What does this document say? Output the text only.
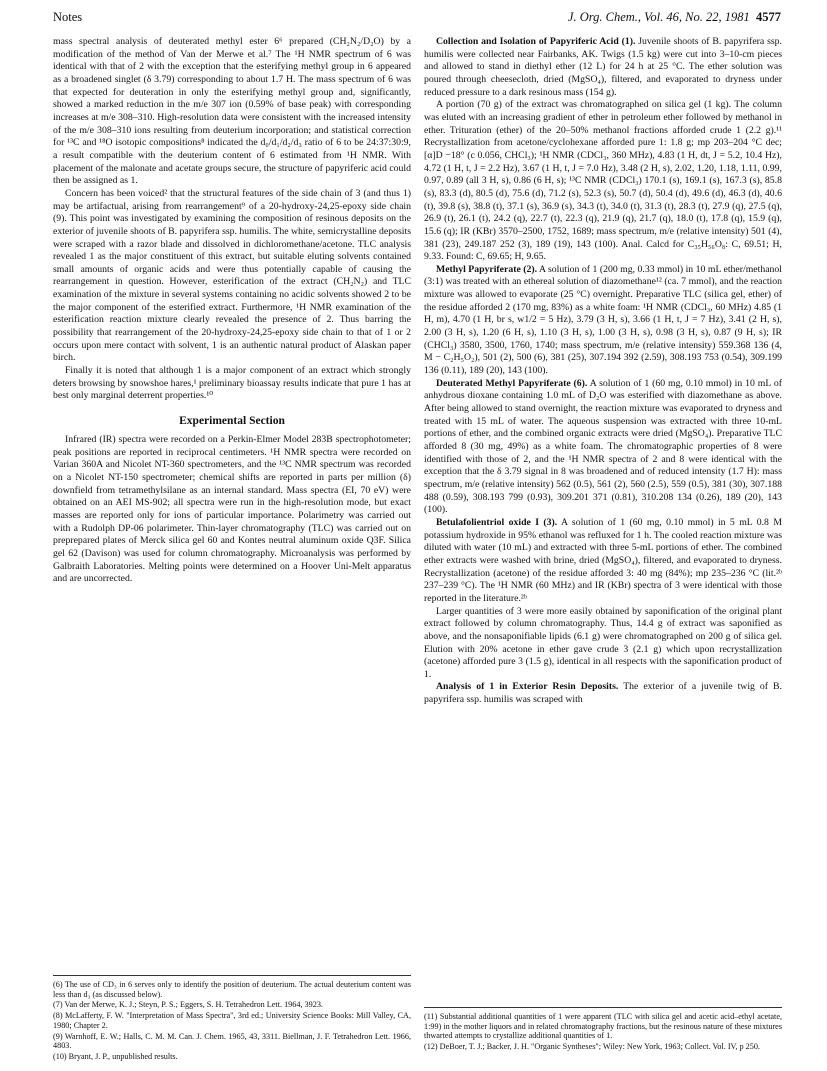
Notes	J. Org. Chem., Vol. 46, No. 22, 1981 4577

mass spectral analysis of deuterated methyl ester 6⁶ prepared (CH₂N₂/D₂O) by a modification of the method of Van der Merwe et al.⁷ The ¹H NMR spectrum of 6 was identical with that of 2 with the exception that the esterifying methyl group in 6 appeared as a broadened singlet (δ 3.79) corresponding to about 1.7 H. The mass spectrum of 6 was that expected for deuteration in only the esterifying methyl group and, significantly, showed a marked reduction in the m/e 307 ion (0.59% of base peak) with corresponding increases at m/e 308–310. High-resolution data were consistent with the increased intensity of the m/e 308–310 ions resulting from deuterium incorporation; and statistical correction for ¹³C and ¹⁸O isotopic compositions⁸ indicated the d₀/d₁/d₂/d₃ ratio of 6 to be 24:37:30:9, a result compatible with the deuterium content of 6 estimated from ¹H NMR. With placement of the malonate and acetate groups secure, the structure of papyriferic acid could then be assigned as 1.

Concern has been voiced² that the structural features of the side chain of 3 (and thus 1) may be artifactual, arising from rearrangement⁹ of a 20-hydroxy-24,25-epoxy side chain (9). This point was investigated by examining the composition of resinous deposits on the exterior of juvenile shoots of B. papyrifera ssp. humilis. The white, semicrystalline deposits were scraped with a razor blade and dissolved in dichloromethane/acetone. TLC analysis revealed 1 as the major constituent of this extract, but suitable eluting solvents contained small amounts of organic acids and were thus potentially capable of causing the rearrangement in question. However, esterification of the extract (CH₂N₂) and TLC examination of the mixture in several systems containing no acidic solvents showed 2 to be the major component of the esterified extract. Furthermore, ¹H NMR examination of the esterification reaction mixture clearly revealed the presence of 2. Thus barring the possibility that rearrangement of the 20-hydroxy-24,25-epoxy side chain to that of 1 or 2 occurs upon mere contact with solvent, 1 is an authentic natural product of Alaskan paper birch.

Finally it is noted that although 1 is a major component of an extract which strongly deters browsing by snowshoe hares,¹ preliminary bioassay results indicate that pure 1 has at best only marginal deterrent properties.¹⁰

Experimental Section

Infrared (IR) spectra were recorded on a Perkin-Elmer Model 283B spectrophotometer; peak positions are reported in reciprocal centimeters. ¹H NMR spectra were recorded on Varian 360A and Nicolet NT-360 spectrometers, and the ¹³C NMR spectrum was recorded on a Nicolet NT-150 spectrometer; chemical shifts are reported in parts per million (δ) downfield from tetramethylsilane as an internal standard. Mass spectra (EI, 70 eV) were obtained on an AEI MS-902; all spectra were run in the high-resolution mode, but exact masses are reported only for ions of particular importance. Polarimetry was carried out with a Rudolph DP-06 polarimeter. Thin-layer chromatography (TLC) was carried out on preprepared plates of Merck silica gel 60 and Kontes neutral aluminum oxide Q3F. Silica gel 62 (Davison) was used for column chromatography. Microanalysis was performed by Galbraith Laboratories. Melting points were determined on a Hoover Uni-Melt apparatus and are uncorrected.

(6) The use of CD₃ in 6 serves only to identify the position of deuterium. The actual deuterium content was less than d₃ (as discussed below).

(7) Van der Merwe, K. J.; Steyn, P. S.; Eggers, S. H. Tetrahedron Lett. 1964, 3923.

(8) McLafferty, F. W. "Interpretation of Mass Spectra", 3rd ed.; University Science Books: Mill Valley, CA, 1980; Chapter 2.

(9) Warnhoff, E. W.; Halls, C. M. M. Can. J. Chem. 1965, 43, 3311. Biellman, J. F. Tetrahedron Lett. 1966, 4803.

(10) Bryant, J. P., unpublished results.

Collection and Isolation of Papyriferic Acid (1). Juvenile shoots of B. papyrifera ssp. humilis were collected near Fairbanks, AK. Twigs (1.5 kg) were cut into 3–10-cm pieces and allowed to stand in diethyl ether (12 L) for 24 h at 25 °C. The ether solution was poured through cheesecloth, dried (MgSO₄), filtered, and evaporated to dryness under reduced pressure to a dark resinous mass (154 g).

A portion (70 g) of the extract was chromatographed on silica gel (1 kg). The column was eluted with an increasing gradient of ether in petroleum ether followed by methanol in ether. Trituration (ether) of the 20–50% methanol fractions afforded crude 1 (2.2 g).¹¹ Recrystallization from acetone/cyclohexane afforded pure 1: 1.8 g; mp 203–204 °C dec; [α]D −18° (c 0.056, CHCl₃); ¹H NMR (CDCl₃, 360 MHz), 4.83 (1 H, dt, J = 5.2, 10.4 Hz), 4.72 (1 H, t, J = 2.2 Hz), 3.67 (1 H, t, J = 7.0 Hz), 3.48 (2 H, s), 2.02, 1.20, 1.18, 1.11, 0.99, 0.97, 0.89 (all 3 H, s), 0.86 (6 H, s); ¹³C NMR (CDCl₃) 170.1 (s), 169.1 (s), 167.3 (s), 85.8 (s), 83.3 (d), 80.5 (d), 75.6 (d), 71.2 (s), 52.3 (s), 50.7 (d), 50.4 (d), 49.6 (d), 46.3 (d), 40.6 (t), 39.8 (s), 38.8 (t), 37.1 (s), 36.9 (s), 34.3 (t), 34.0 (t), 31.3 (t), 28.3 (t), 27.9 (q), 27.5 (q), 26.9 (t), 26.1 (t), 24.2 (q), 22.7 (t), 22.3 (q), 21.9 (q), 21.7 (q), 18.0 (t), 17.8 (q), 15.9 (q), 15.6 (q); IR (KBr) 3570–2500, 1752, 1689; mass spectrum, m/e (relative intensity) 501 (4), 381 (23), 249.187 252 (3), 189 (19), 143 (100). Anal. Calcd for C₃₅H₅₆O₈: C, 69.51; H, 9.33. Found: C, 69.65; H, 9.65.

Methyl Papyriferate (2). A solution of 1 (200 mg, 0.33 mmol) in 10 mL ether/methanol (3:1) was treated with an ethereal solution of diazomethane¹² (ca. 7 mmol), and the reaction mixture was allowed to evaporate (25 °C) overnight. Preparative TLC (silica gel, ether) of the residue afforded 2 (170 mg, 83%) as a white foam: ¹H NMR (CDCl₃, 60 MHz) 4.85 (1 H, m), 4.70 (1 H, br s, w1/2 = 5 Hz), 3.79 (3 H, s), 3.66 (1 H, t, J = 7 Hz), 3.41 (2 H, s), 2.00 (3 H, s), 1.20 (6 H, s), 1.10 (3 H, s), 1.00 (3 H, s), 0.98 (3 H, s), 0.87 (9 H, s); IR (CHCl₃) 3580, 3500, 1760, 1740; mass spectrum, m/e (relative intensity) 559.368 136 (4, M − C₂H₅O₂), 501 (2), 500 (6), 381 (25), 307.194 392 (2.59), 308.193 753 (0.54), 309.199 136 (0.11), 189 (20), 143 (100).

Deuterated Methyl Papyriferate (6). A solution of 1 (60 mg, 0.10 mmol) in 10 mL of anhydrous dioxane containing 1.0 mL of D₂O was esterified with diazomethane as above. After being allowed to stand overnight, the reaction mixture was evaporated to dryness and treated with 15 mL of water. The aqueous suspension was extracted with three 10-mL portions of ether, and the combined organic extracts were dried (MgSO₄). Preparative TLC afforded 8 (30 mg, 49%) as a white foam. The chromatographic properties of 8 were identified with those of 2, and the ¹H NMR spectra of 2 and 8 were identical with the exception that the δ 3.79 signal in 8 was broadened and of reduced intensity (1.7 H): mass spectrum, m/e (relative intensity) 562 (0.5), 561 (2), 560 (2.5), 559 (0.5), 381 (30), 307.188 488 (0.59), 308.193 799 (0.93), 309.201 371 (0.81), 310.208 134 (0.26), 189 (20), 143 (100).

Betulafolientriol oxide I (3). A solution of 1 (60 mg, 0.10 mmol) in 5 mL 0.8 M potassium hydroxide in 95% ethanol was refluxed for 1 h. The cooled reaction mixture was diluted with water (10 mL) and extracted with three 5-mL portions of ether. The combined ether extracts were washed with brine, dried (MgSO₄), filtered, and evaporated to dryness. Recrystallization (acetone) of the residue afforded 3: 40 mg (84%); mp 235–236 °C (lit.²ᵇ 237–239 °C). The ¹H NMR (60 MHz) and IR (KBr) spectra of 3 were identical with those reported in the literature.²ᵇ

Larger quantities of 3 were more easily obtained by saponification of the original plant extract followed by column chromatography. Thus, 14.4 g of extract was saponified as above, and the nonsaponifiable lipids (6.1 g) were chromatographed on 200 g of silica gel. Elution with 20% acetone in ether gave crude 3 (2.1 g) which upon recrystallization (acetone) afforded pure 3 (1.5 g), identical in all respects with the saponification product of 1.

Analysis of 1 in Exterior Resin Deposits. The exterior of a juvenile twig of B. papyrifera ssp. humilis was scraped with

(11) Substantial additional quantities of 1 were apparent (TLC with silica gel and acetic acid–ethyl acetate, 1:99) in the mother liquors and in related chromatography fractions, but the resinous nature of these mixtures thwarted attempts to crystallize additional quantities of 1.

(12) DeBoer, T. J.; Backer, J. H. "Organic Syntheses"; Wiley: New York, 1963; Collect. Vol. IV, p 250.
